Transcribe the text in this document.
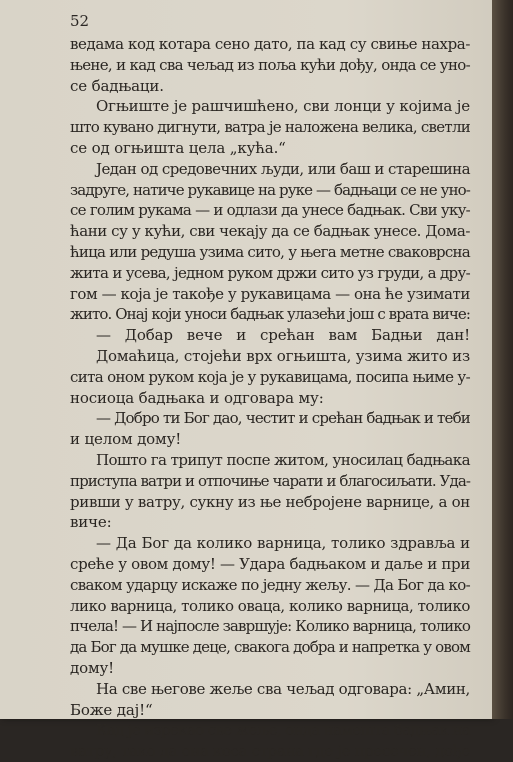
52
ведама код котара сено дато, па кад су свиње нахра-
њене, и кад сва чељад из поља кући дођу, онда се уно-
се бадњаци.
Огњиште је рашчишћено, сви лонци у којима је
што кувано дигнути, ватра је наложена велика, светли
се од огњишта цела „кућа.“
Један од средовечних људи, или баш и старешина
задруге, натиче рукавице на руке — бадњаци се не уно-
се голим рукама — и одлази да унесе бадњак. Сви уку-
ћани су у кући, сви чекају да се бадњак унесе. Дома-
ћица или редуша узима сито, у њега метне сваковрсна
жита и усева, једном руком држи сито уз груди, а дру-
гом — која је такође у рукавицама — она ће узимати
жито. Онај који уноси бадњак улазећи још с врата виче:
— Добар вече и срећан вам Бадњи дан!
Домаћица, стојећи врх огњишта, узима жито из
сита оном руком која је у рукавицама, посипа њиме у-
носиоца бадњака и одговара му:
— Добро ти Бог дао, честит и срећан бадњак и теби
и целом дому!
Пошто га трипут поспе житом, уносилац бадњака
приступа ватри и отпочиње чарати и благосиљати. Уда-
ривши у ватру, сукну из ње небројене варнице, а он
виче:
— Да Бог да колико варница, толико здравља и
среће у овом дому! — Удара бадњаком и даље и при
сваком ударцу искаже по једну жељу. — Да Бог да ко-
лико варница, толико оваца, колико варница, толико
пчела! — И најпосле завршује: Колико варница, толико
да Бог да мушке деце, свакога добра и напретка у овом
дому!
На све његове жеље сва чељад одговара: „Амин,
Боже дај!“
Кад је изрекао све жеље, онда намешта бадњак на
ватру, тако да она коса страна где је пресечен, дође
